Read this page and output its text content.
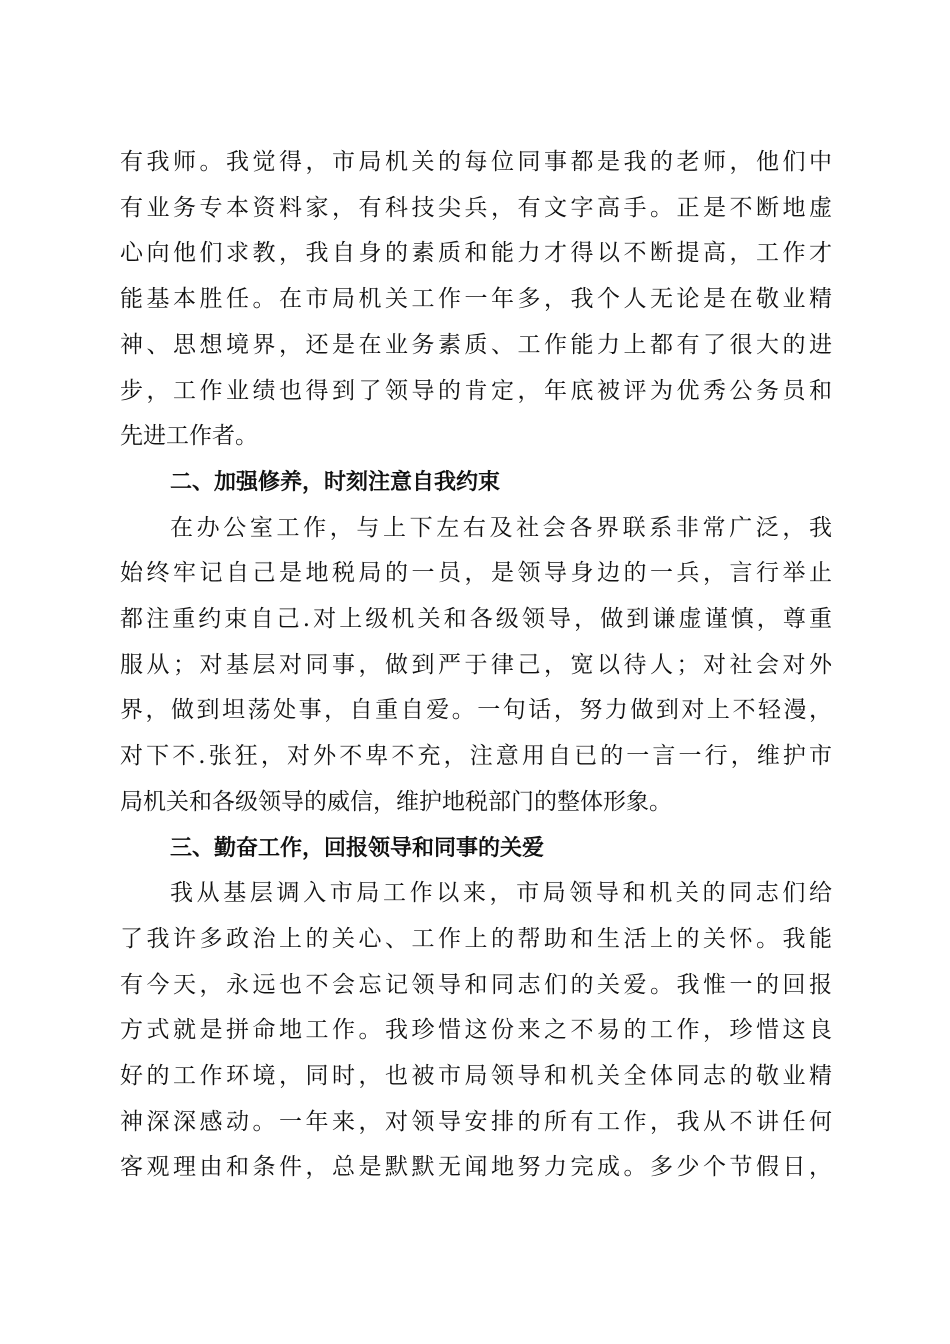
有我师。我觉得，市局机关的每位同事都是我的老师，他们中
有业务专本资料家，有科技尖兵，有文字高手。正是不断地虚
心向他们求教，我自身的素质和能力才得以不断提高，工作才
能基本胜任。在市局机关工作一年多，我个人无论是在敬业精
神、思想境界，还是在业务素质、工作能力上都有了很大的进
步，工作业绩也得到了领导的肯定，年底被评为优秀公务员和
先进工作者。
二、加强修养，时刻注意自我约束
在办公室工作，与上下左右及社会各界联系非常广泛，我
始终牢记自己是地税局的一员，是领导身边的一兵，言行举止
都注重约束自己.对上级机关和各级领导，做到谦虚谨慎，尊重
服从；对基层对同事，做到严于律己，宽以待人；对社会对外
界，做到坦荡处事，自重自爱。一句话，努力做到对上不轻漫，
对下不.张狂，对外不卑不充，注意用自已的一言一行，维护市
局机关和各级领导的威信，维护地税部门的整体形象。
三、勤奋工作，回报领导和同事的关爱
我从基层调入市局工作以来，市局领导和机关的同志们给
了我许多政治上的关心、工作上的帮助和生活上的关怀。我能
有今天，永远也不会忘记领导和同志们的关爱。我惟一的回报
方式就是拼命地工作。我珍惜这份来之不易的工作，珍惜这良
好的工作环境，同时，也被市局领导和机关全体同志的敬业精
神深深感动。一年来，对领导安排的所有工作，我从不讲任何
客观理由和条件，总是默默无闻地努力完成。多少个节假日，
